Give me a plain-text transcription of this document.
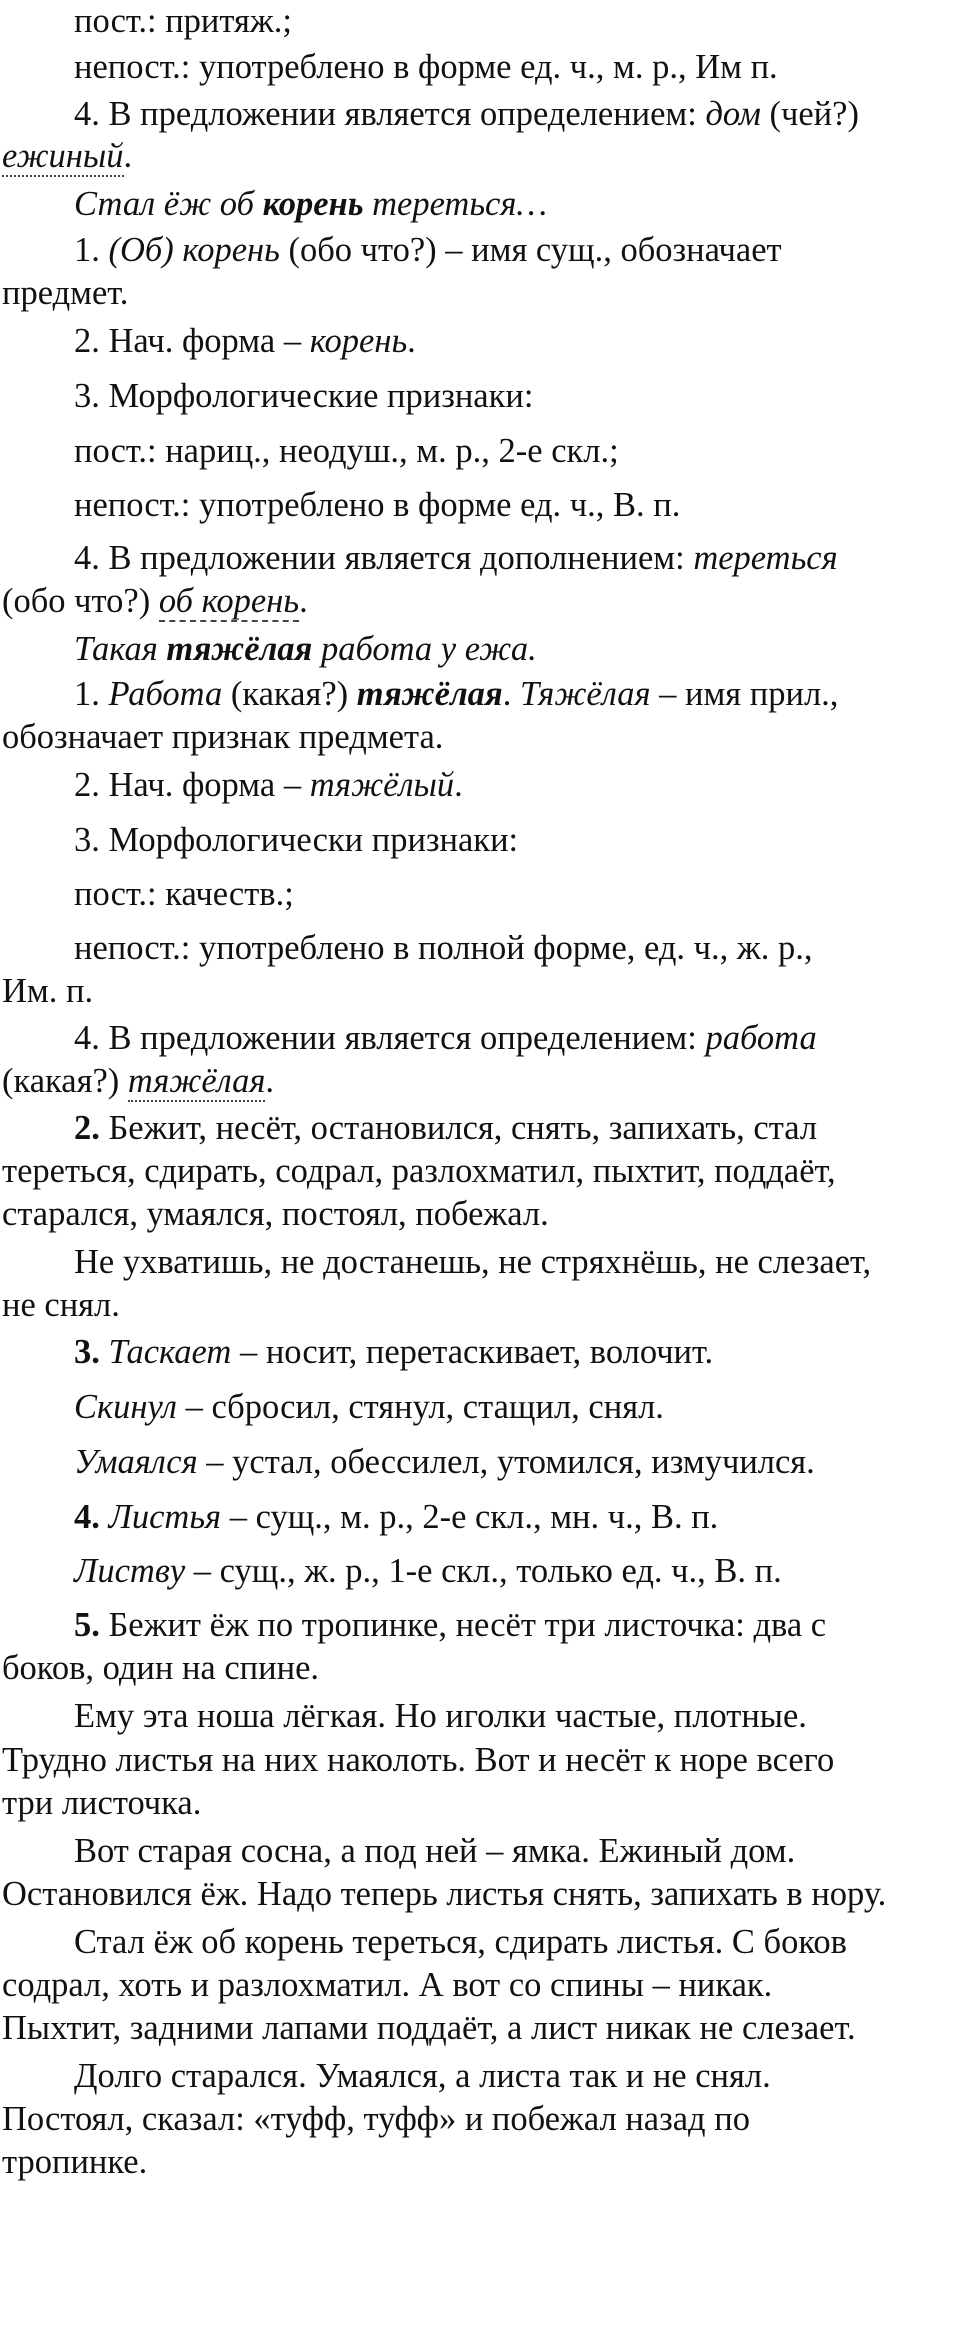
пост.: притяж.;
непост.: употреблено в форме ед. ч., м. р., Им п.
4. В предложении является определением: дом (чей?)
ежиный.
Стал ёж об корень тереться…
1. (Об) корень (обо что?) – имя сущ., обозначает
предмет.
2. Нач. форма – корень.
3. Морфологические признаки:
пост.: нариц., неодуш., м. р., 2-е скл.;
непост.: употреблено в форме ед. ч., В. п.
4. В предложении является дополнением: тереться
(обо что?) об корень.
Такая тяжёлая работа у ежа.
1. Работа (какая?) тяжёлая. Тяжёлая – имя прил.,
обозначает признак предмета.
2. Нач. форма – тяжёлый.
3. Морфологически признаки:
пост.: качеств.;
непост.: употреблено в полной форме, ед. ч., ж. р.,
Им. п.
4. В предложении является определением: работа
(какая?) тяжёлая.
2. Бежит, несёт, остановился, снять, запихать, стал
тереться, сдирать, содрал, разлохматил, пыхтит, поддаёт,
старался, умаялся, постоял, побежал.
Не ухватишь, не достанешь, не стряхнёшь, не слезает,
не снял.
3. Таскает – носит, перетаскивает, волочит.
Скинул – сбросил, стянул, стащил, снял.
Умаялся – устал, обессилел, утомился, измучился.
4. Листья – сущ., м. р., 2-е скл., мн. ч., В. п.
Листву – сущ., ж. р., 1-е скл., только ед. ч., В. п.
5. Бежит ёж по тропинке, несёт три листочка: два с
боков, один на спине.
Ему эта ноша лёгкая. Но иголки частые, плотные.
Трудно листья на них наколоть. Вот и несёт к норе всего
три листочка.
Вот старая сосна, а под ней – ямка. Ежиный дом.
Остановился ёж. Надо теперь листья снять, запихать в нору.
Стал ёж об корень тереться, сдирать листья. С боков
содрал, хоть и разлохматил. А вот со спины – никак.
Пыхтит, задними лапами поддаёт, а лист никак не слезает.
Долго старался. Умаялся, а листа так и не снял.
Постоял, сказал: «туфф, туфф» и побежал назад по
тропинке.
